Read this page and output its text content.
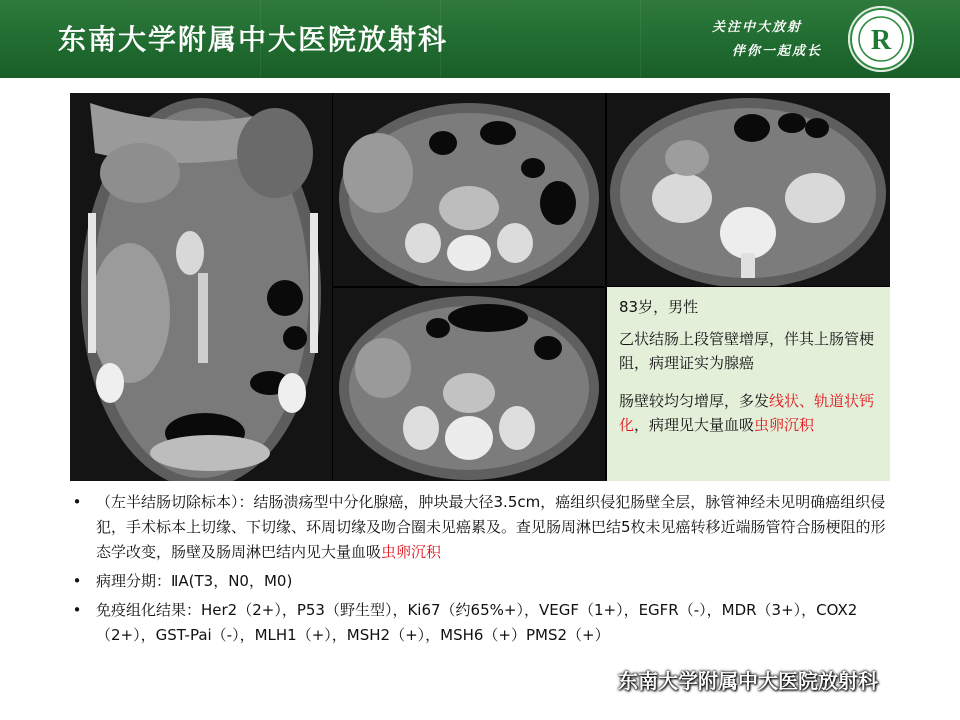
东南大学附属中大医院放射科	关注中大放射
伴你一起成长 R

83岁，男性

乙状结肠上段管壁增厚，伴其上肠管梗阻，病理证实为腺癌

肠壁较均匀增厚，多发线状、轨道状钙化，病理见大量血吸虫卵沉积

• （左半结肠切除标本）：结肠溃疡型中分化腺癌，肿块最大径3.5cm，癌组织侵犯肠壁全层，脉管神经未见明确癌组织侵犯，手术标本上切缘、下切缘、环周切缘及吻合圈未见癌累及。查见肠周淋巴结5枚未见癌转移近端肠管符合肠梗阻的形态学改变，肠壁及肠周淋巴结内见大量血吸虫卵沉积
• 病理分期：ⅡA(T3，N0，M0)
• 免疫组化结果：Her2（2+），P53（野生型），Ki67（约65%+），VEGF（1+），EGFR（-），MDR（3+），COX2（2+），GST-Pai（-），MLH1（+），MSH2（+），MSH6（+）PMS2（+）
东南大学附属中大医院放射科
